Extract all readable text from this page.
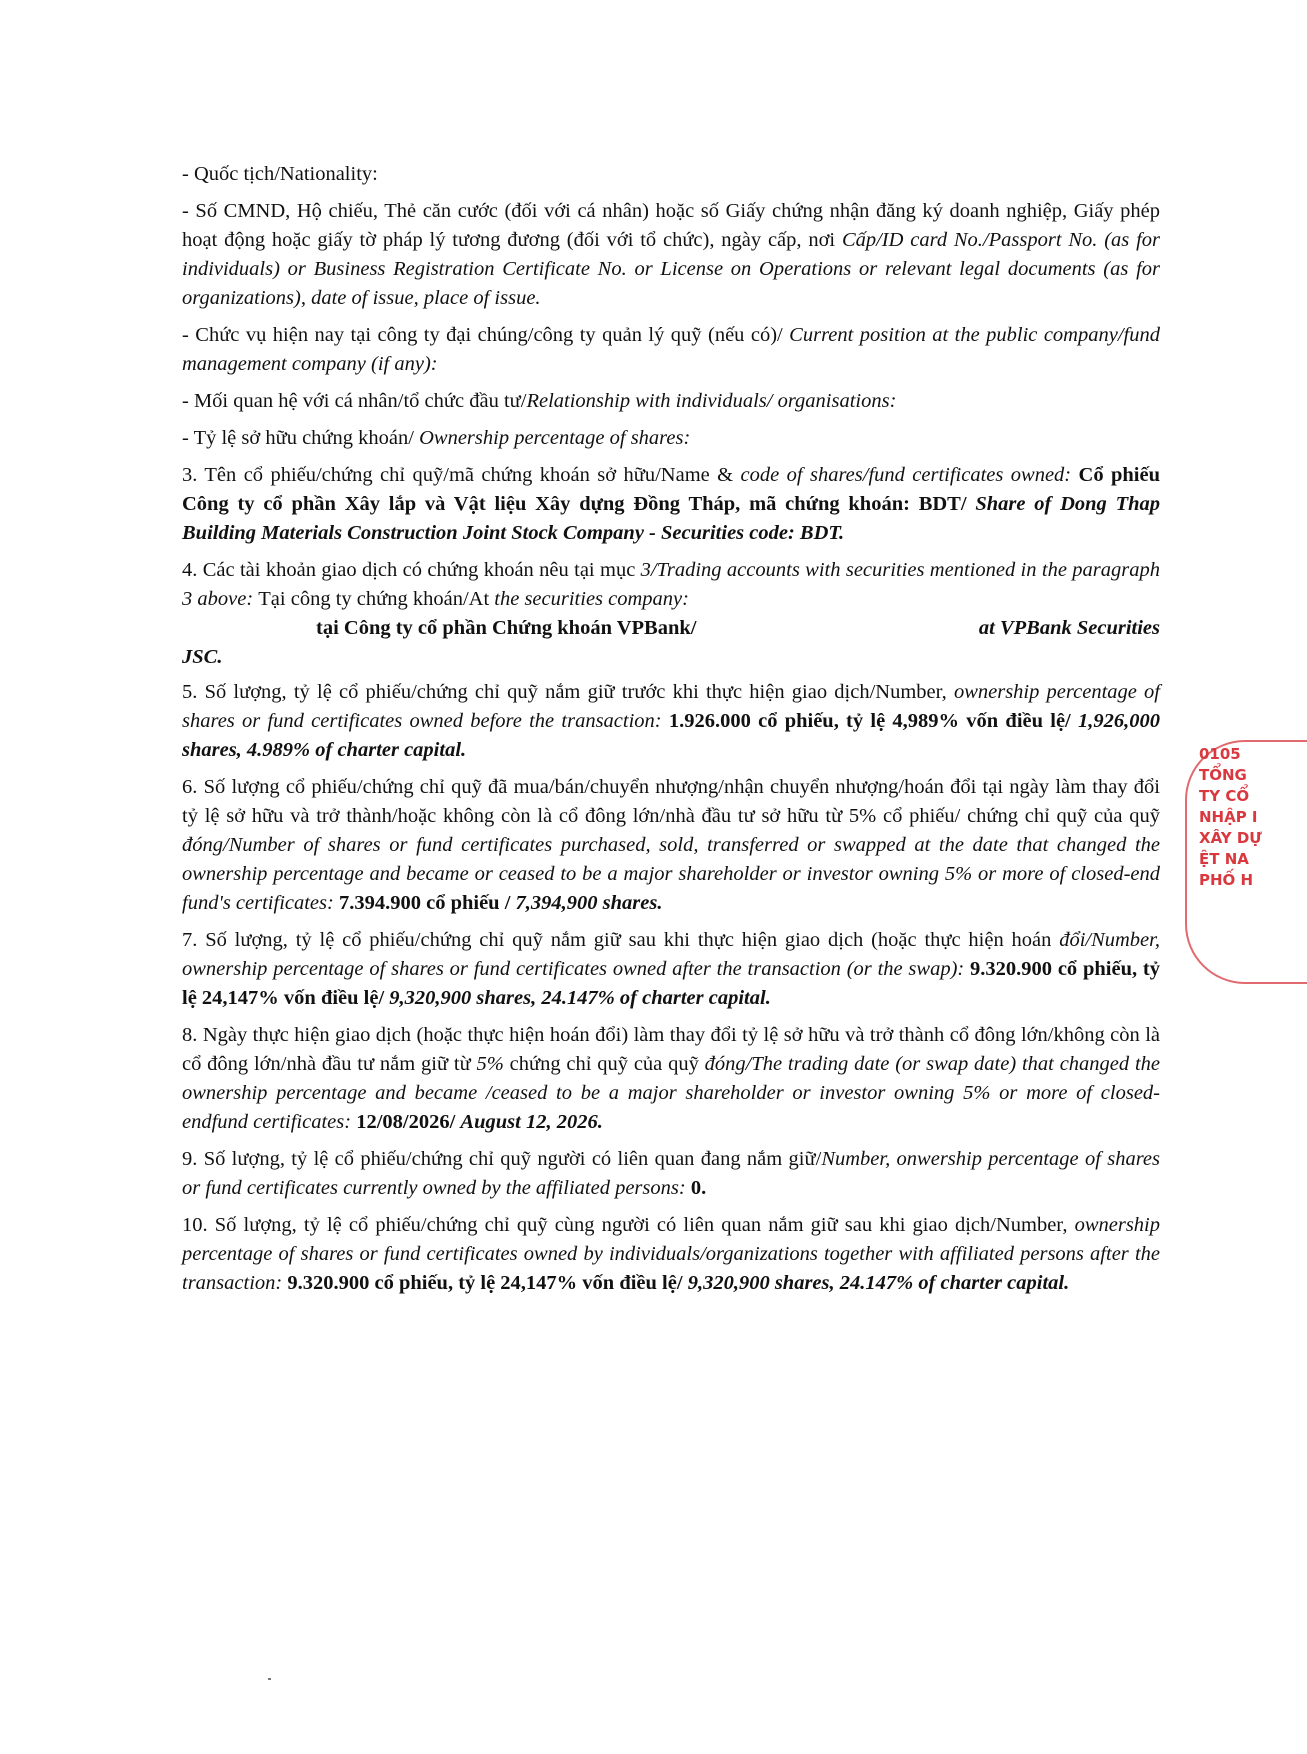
- Quốc tịch/Nationality:

- Số CMND, Hộ chiếu, Thẻ căn cước (đối với cá nhân) hoặc số Giấy chứng nhận đăng ký doanh nghiệp, Giấy phép hoạt động hoặc giấy tờ pháp lý tương đương (đối với tổ chức), ngày cấp, nơi Cấp/ID card No./Passport No. (as for individuals) or Business Registration Certificate No. or License on Operations or relevant legal documents (as for organizations), date of issue, place of issue.

- Chức vụ hiện nay tại công ty đại chúng/công ty quản lý quỹ (nếu có)/ Current position at the public company/fund management company (if any):

- Mối quan hệ với cá nhân/tổ chức đầu tư/Relationship with individuals/ organisations:

- Tỷ lệ sở hữu chứng khoán/ Ownership percentage of shares:

3. Tên cổ phiếu/chứng chỉ quỹ/mã chứng khoán sở hữu/Name & code of shares/fund certificates owned: Cổ phiếu Công ty cổ phần Xây lắp và Vật liệu Xây dựng Đồng Tháp, mã chứng khoán: BDT/ Share of Dong Thap Building Materials Construction Joint Stock Company - Securities code: BDT.

4. Các tài khoản giao dịch có chứng khoán nêu tại mục 3/Trading accounts with securities mentioned in the paragraph 3 above: Tại công ty chứng khoán/At the securities company:
tại Công ty cổ phần Chứng khoán VPBank/	at VPBank Securities
JSC.

5. Số lượng, tỷ lệ cổ phiếu/chứng chỉ quỹ nắm giữ trước khi thực hiện giao dịch/Number, ownership percentage of shares or fund certificates owned before the transaction: 1.926.000 cổ phiếu, tỷ lệ 4,989% vốn điều lệ/ 1,926,000 shares, 4.989% of charter capital.

6. Số lượng cổ phiếu/chứng chỉ quỹ đã mua/bán/chuyển nhượng/nhận chuyển nhượng/hoán đổi tại ngày làm thay đổi tỷ lệ sở hữu và trở thành/hoặc không còn là cổ đông lớn/nhà đầu tư sở hữu từ 5% cổ phiếu/ chứng chỉ quỹ của quỹ đóng/Number of shares or fund certificates purchased, sold, transferred or swapped at the date that changed the ownership percentage and became or ceased to be a major shareholder or investor owning 5% or more of closed-end fund's certificates: 7.394.900 cổ phiếu / 7,394,900 shares.

7. Số lượng, tỷ lệ cổ phiếu/chứng chỉ quỹ nắm giữ sau khi thực hiện giao dịch (hoặc thực hiện hoán đổi/Number, ownership percentage of shares or fund certificates owned after the transaction (or the swap): 9.320.900 cổ phiếu, tỷ lệ 24,147% vốn điều lệ/ 9,320,900 shares, 24.147% of charter capital.

8. Ngày thực hiện giao dịch (hoặc thực hiện hoán đổi) làm thay đổi tỷ lệ sở hữu và trở thành cổ đông lớn/không còn là cổ đông lớn/nhà đầu tư nắm giữ từ 5% chứng chỉ quỹ của quỹ đóng/The trading date (or swap date) that changed the ownership percentage and became /ceased to be a major shareholder or investor owning 5% or more of closed-endfund certificates: 12/08/2026/ August 12, 2026.

9. Số lượng, tỷ lệ cổ phiếu/chứng chỉ quỹ người có liên quan đang nắm giữ/Number, onwership percentage of shares or fund certificates currently owned by the affiliated persons: 0.

10. Số lượng, tỷ lệ cổ phiếu/chứng chỉ quỹ cùng người có liên quan nắm giữ sau khi giao dịch/Number, ownership percentage of shares or fund certificates owned by individuals/organizations together with affiliated persons after the transaction: 9.320.900 cổ phiếu, tỷ lệ 24,147% vốn điều lệ/ 9,320,900 shares, 24.147% of charter capital.

0105
TỔNG
TY CỔ
NHẬP I
XÂY DỰ
ỆT NA
PHỐ H
